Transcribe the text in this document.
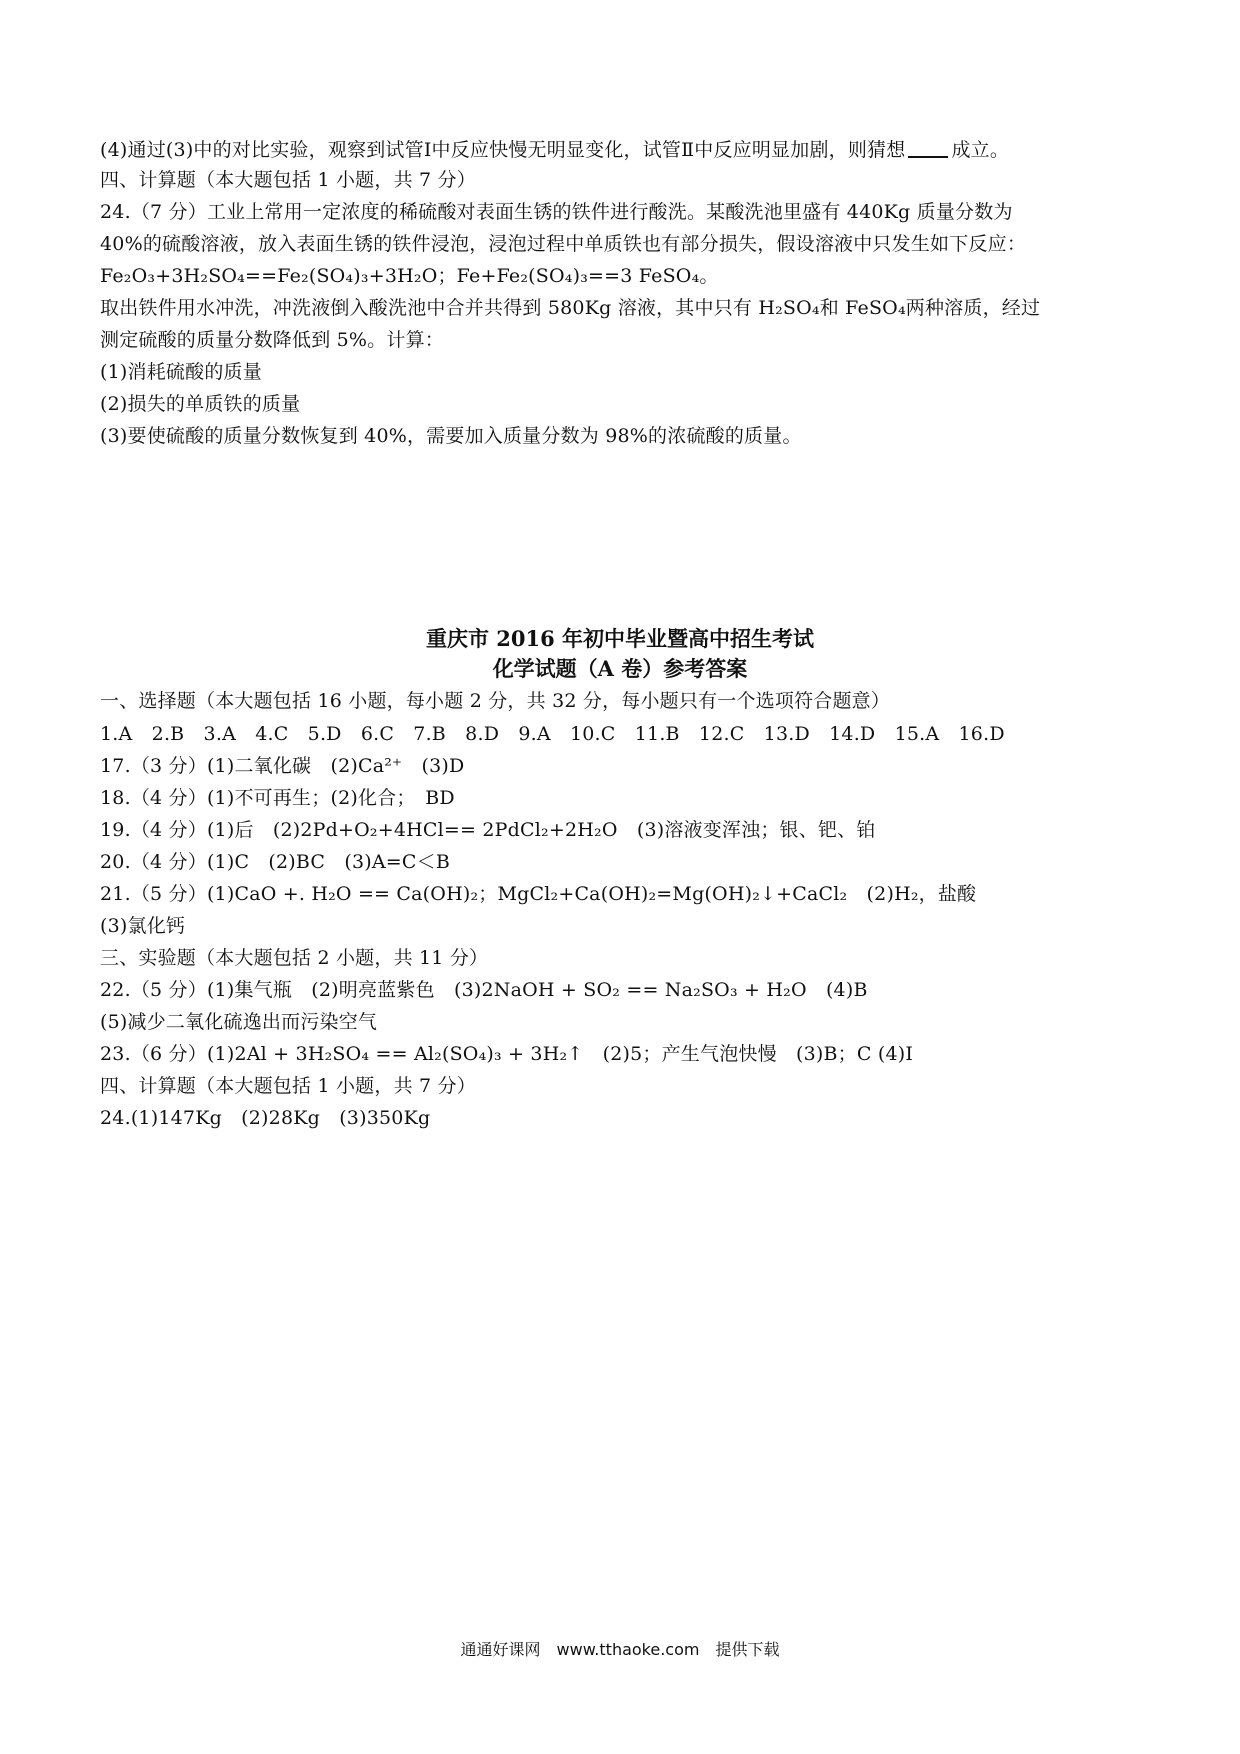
(4)通过(3)中的对比实验，观察到试管Ⅰ中反应快慢无明显变化，试管Ⅱ中反应明显加剧，则猜想 成立。
四、计算题（本大题包括 1 小题，共 7 分）
24.（7 分）工业上常用一定浓度的稀硫酸对表面生锈的铁件进行酸洗。某酸洗池里盛有 440Kg 质量分数为
40%的硫酸溶液，放入表面生锈的铁件浸泡，浸泡过程中单质铁也有部分损失，假设溶液中只发生如下反应：
Fe₂O₃+3H₂SO₄==Fe₂(SO₄)₃+3H₂O；Fe+Fe₂(SO₄)₃==3 FeSO₄。
取出铁件用水冲洗，冲洗液倒入酸洗池中合并共得到 580Kg 溶液，其中只有 H₂SO₄和 FeSO₄两种溶质，经过
测定硫酸的质量分数降低到 5%。计算：
(1)消耗硫酸的质量
(2)损失的单质铁的质量
(3)要使硫酸的质量分数恢复到 40%，需要加入质量分数为 98%的浓硫酸的质量。
重庆市 2016 年初中毕业暨高中招生考试
化学试题（A 卷）参考答案
一、选择题（本大题包括 16 小题，每小题 2 分，共 32 分，每小题只有一个选项符合题意）
1.A　2.B　3.A　4.C　5.D　6.C　7.B　8.D　9.A　10.C　11.B　12.C　13.D　14.D　15.A　16.D
17.（3 分）(1)二氧化碳　(2)Ca²⁺　(3)D
18.（4 分）(1)不可再生；(2)化合；　BD
19.（4 分）(1)后　(2)2Pd+O₂+4HCl== 2PdCl₂+2H₂O　(3)溶液变浑浊；银、钯、铂
20.（4 分）(1)C　(2)BC　(3)A=C＜B
21.（5 分）(1)CaO +. H₂O == Ca(OH)₂；MgCl₂+Ca(OH)₂=Mg(OH)₂↓+CaCl₂　(2)H₂，盐酸
(3)氯化钙
三、实验题（本大题包括 2 小题，共 11 分）
22.（5 分）(1)集气瓶　(2)明亮蓝紫色　(3)2NaOH + SO₂ == Na₂SO₃ + H₂O　(4)B
(5)减少二氧化硫逸出而污染空气
23.（6 分）(1)2Al + 3H₂SO₄ == Al₂(SO₄)₃ + 3H₂↑　(2)5；产生气泡快慢　(3)B；C (4)Ⅰ
四、计算题（本大题包括 1 小题，共 7 分）
24.(1)147Kg　(2)28Kg　(3)350Kg
通通好课网　www.tthaoke.com　提供下载
